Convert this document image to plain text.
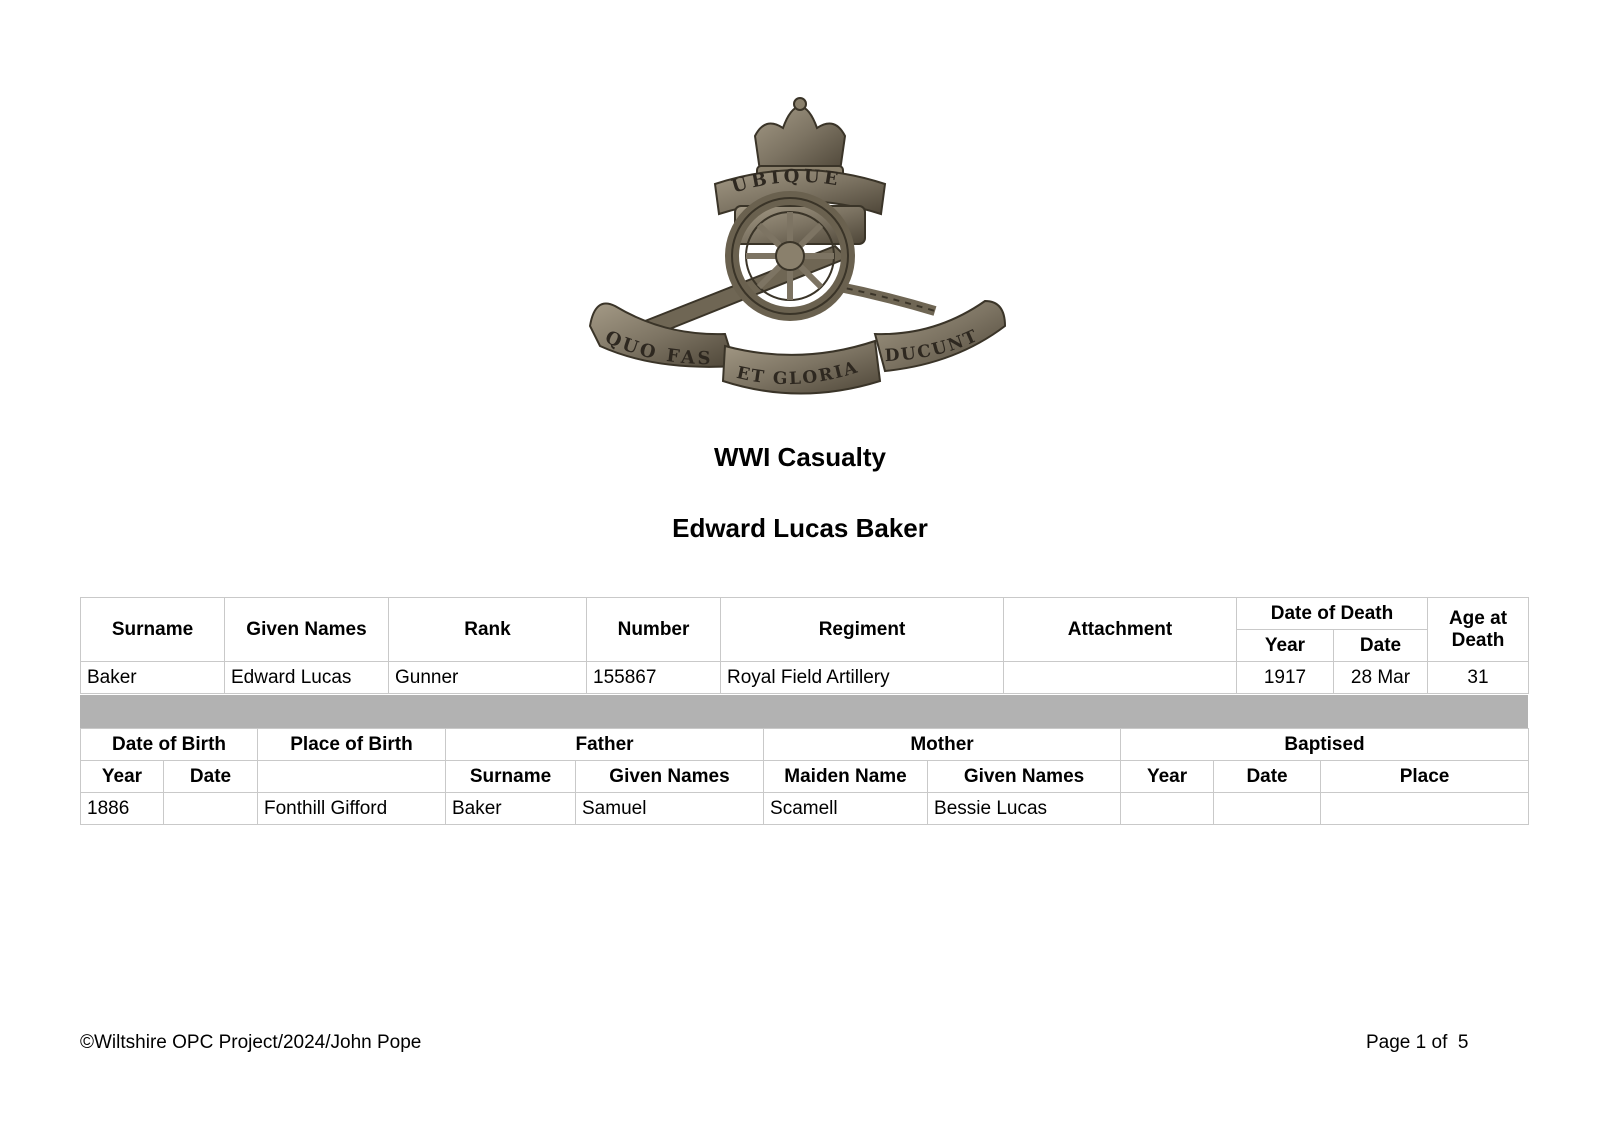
UBIQUE
QUO FAS
ET GLORIA
DUCUNT
WWI Casualty
Edward Lucas Baker
Surname	Given Names	Rank	Number	Regiment	Attachment	Date of Death		Age at Death
						Year	Date	
Baker	Edward Lucas	Gunner	155867	Royal Field Artillery		1917	28 Mar	31
Date of Birth		Place of Birth	Father		Mother		Baptised		
Year	Date		Surname	Given Names	Maiden Name	Given Names	Year	Date	Place
1886		Fonthill Gifford	Baker	Samuel	Scamell	Bessie Lucas			
©Wiltshire OPC Project/2024/John Pope	Page 1 of  5
